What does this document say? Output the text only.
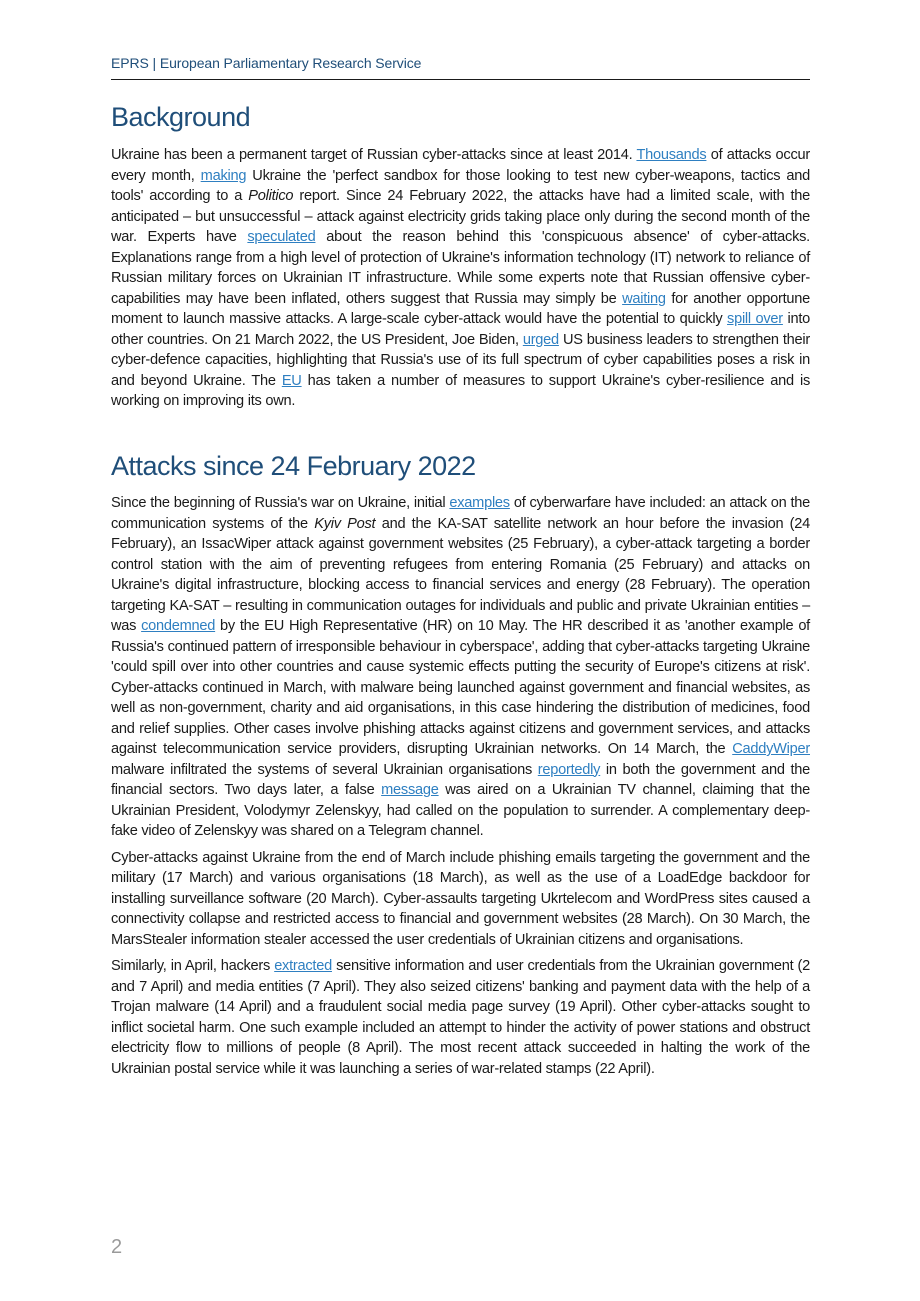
EPRS | European Parliamentary Research Service
Background

Ukraine has been a permanent target of Russian cyber-attacks since at least 2014. Thousands of attacks occur every month, making Ukraine the 'perfect sandbox for those looking to test new cyber-weapons, tactics and tools' according to a Politico report. Since 24 February 2022, the attacks have had a limited scale, with the anticipated – but unsuccessful – attack against electricity grids taking place only during the second month of the war. Experts have speculated about the reason behind this 'conspicuous absence' of cyber-attacks. Explanations range from a high level of protection of Ukraine's information technology (IT) network to reliance of Russian military forces on Ukrainian IT infrastructure. While some experts note that Russian offensive cyber-capabilities may have been inflated, others suggest that Russia may simply be waiting for another opportune moment to launch massive attacks. A large-scale cyber-attack would have the potential to quickly spill over into other countries. On 21 March 2022, the US President, Joe Biden, urged US business leaders to strengthen their cyber-defence capacities, highlighting that Russia's use of its full spectrum of cyber capabilities poses a risk in and beyond Ukraine. The EU has taken a number of measures to support Ukraine's cyber-resilience and is working on improving its own.

Attacks since 24 February 2022

Since the beginning of Russia's war on Ukraine, initial examples of cyberwarfare have included: an attack on the communication systems of the Kyiv Post and the KA-SAT satellite network an hour before the invasion (24 February), an IssacWiper attack against government websites (25 February), a cyber-attack targeting a border control station with the aim of preventing refugees from entering Romania (25 February) and attacks on Ukraine's digital infrastructure, blocking access to financial services and energy (28 February). The operation targeting KA-SAT – resulting in communication outages for individuals and public and private Ukrainian entities – was condemned by the EU High Representative (HR) on 10 May. The HR described it as 'another example of Russia's continued pattern of irresponsible behaviour in cyberspace', adding that cyber-attacks targeting Ukraine 'could spill over into other countries and cause systemic effects putting the security of Europe's citizens at risk'. Cyber-attacks continued in March, with malware being launched against government and financial websites, as well as non-government, charity and aid organisations, in this case hindering the distribution of medicines, food and relief supplies. Other cases involve phishing attacks against citizens and government services, and attacks against telecommunication service providers, disrupting Ukrainian networks. On 14 March, the CaddyWiper malware infiltrated the systems of several Ukrainian organisations reportedly in both the government and the financial sectors. Two days later, a false message was aired on a Ukrainian TV channel, claiming that the Ukrainian President, Volodymyr Zelenskyy, had called on the population to surrender. A complementary deep-fake video of Zelenskyy was shared on a Telegram channel.

Cyber-attacks against Ukraine from the end of March include phishing emails targeting the government and the military (17 March) and various organisations (18 March), as well as the use of a LoadEdge backdoor for installing surveillance software (20 March). Cyber-assaults targeting Ukrtelecom and WordPress sites caused a connectivity collapse and restricted access to financial and government websites (28 March). On 30 March, the MarsStealer information stealer accessed the user credentials of Ukrainian citizens and organisations.

Similarly, in April, hackers extracted sensitive information and user credentials from the Ukrainian government (2 and 7 April) and media entities (7 April). They also seized citizens' banking and payment data with the help of a Trojan malware (14 April) and a fraudulent social media page survey (19 April). Other cyber-attacks sought to inflict societal harm. One such example included an attempt to hinder the activity of power stations and obstruct electricity flow to millions of people (8 April). The most recent attack succeeded in halting the work of the Ukrainian postal service while it was launching a series of war-related stamps (22 April).

2
